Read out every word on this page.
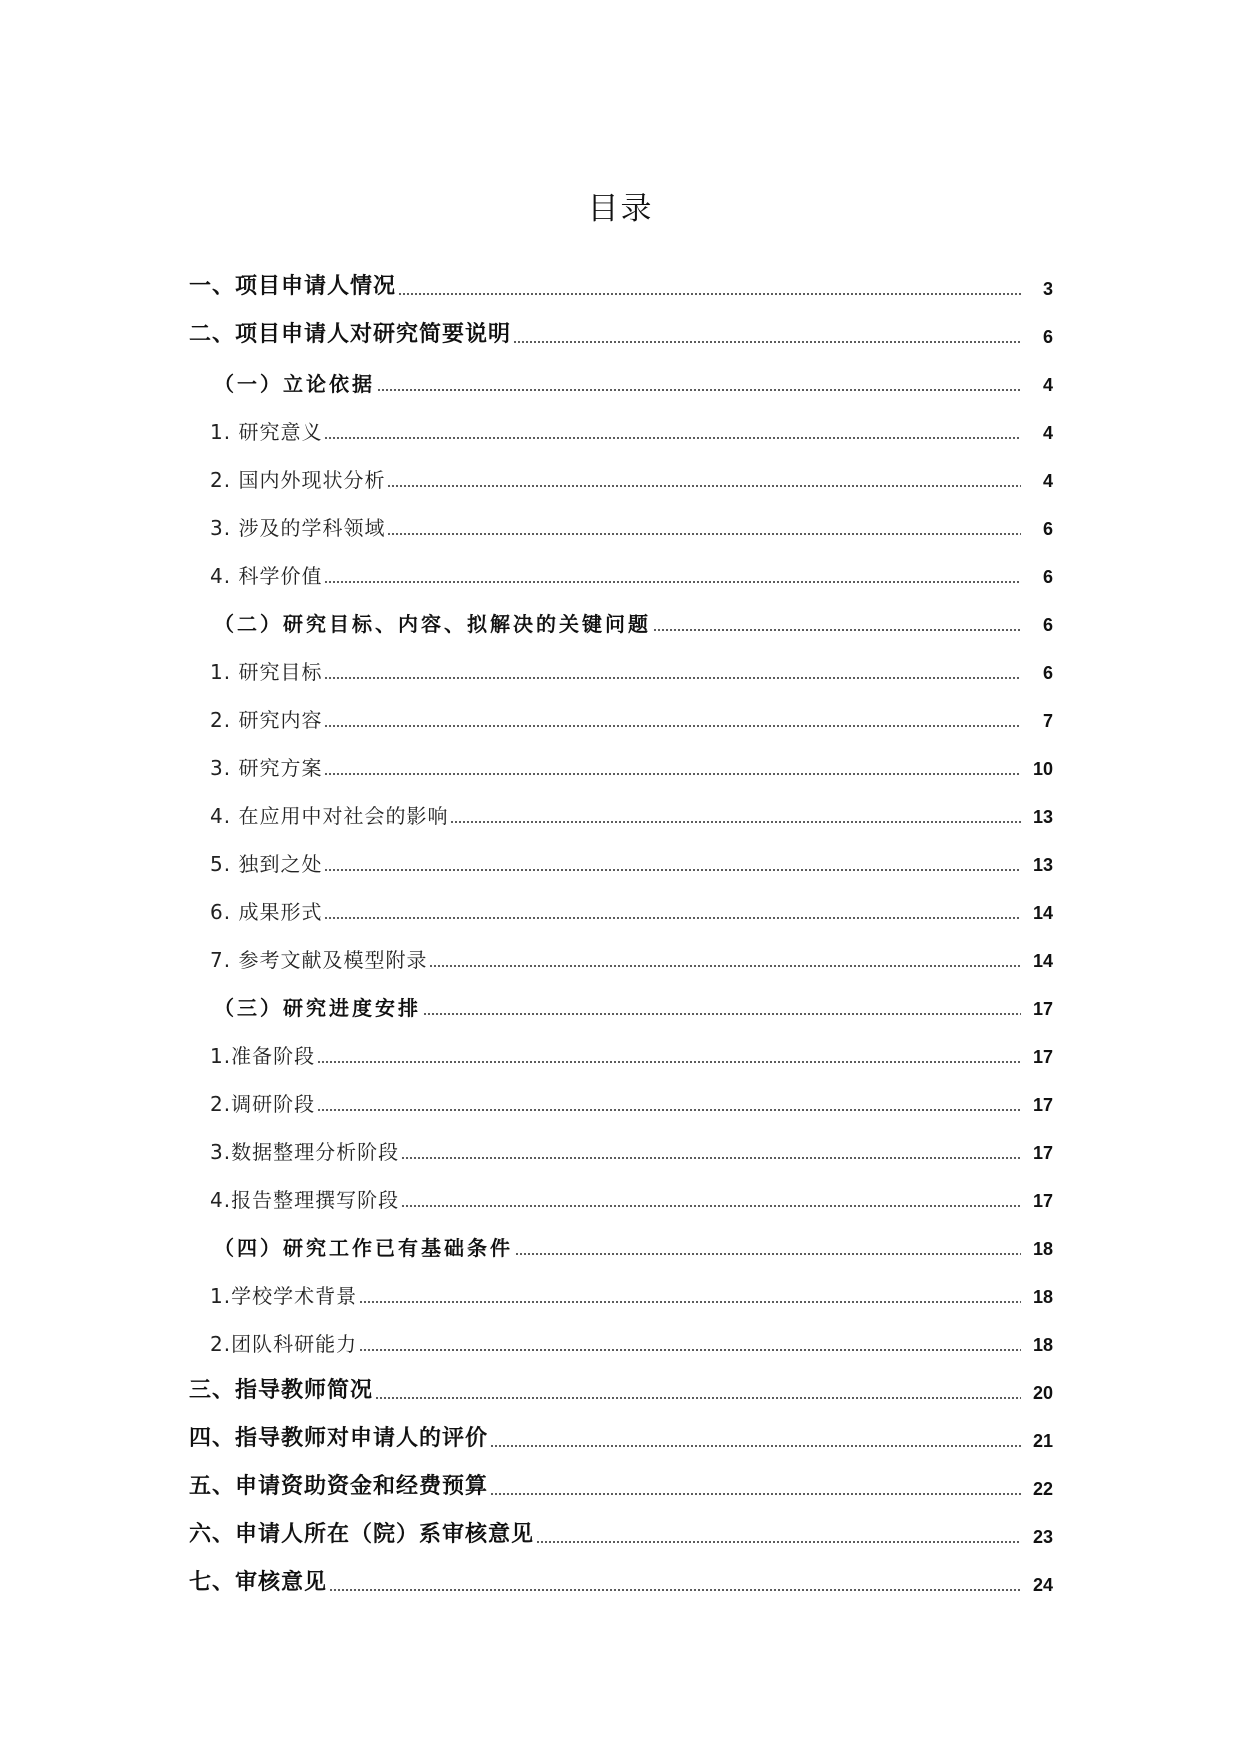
目录
一、项目申请人情况	3
二、项目申请人对研究简要说明	6
（一）立论依据	4
1. 研究意义	4
2. 国内外现状分析	4
3. 涉及的学科领域	6
4. 科学价值	6
（二）研究目标、内容、拟解决的关键问题	6
1. 研究目标	6
2. 研究内容	7
3. 研究方案	10
4. 在应用中对社会的影响	13
5. 独到之处	13
6. 成果形式	14
7. 参考文献及模型附录	14
（三）研究进度安排	17
1.准备阶段	17
2.调研阶段	17
3.数据整理分析阶段	17
4.报告整理撰写阶段	17
（四）研究工作已有基础条件	18
1.学校学术背景	18
2.团队科研能力	18
三、指导教师简况	20
四、指导教师对申请人的评价	21
五、申请资助资金和经费预算	22
六、申请人所在（院）系审核意见	23
七、审核意见	24
